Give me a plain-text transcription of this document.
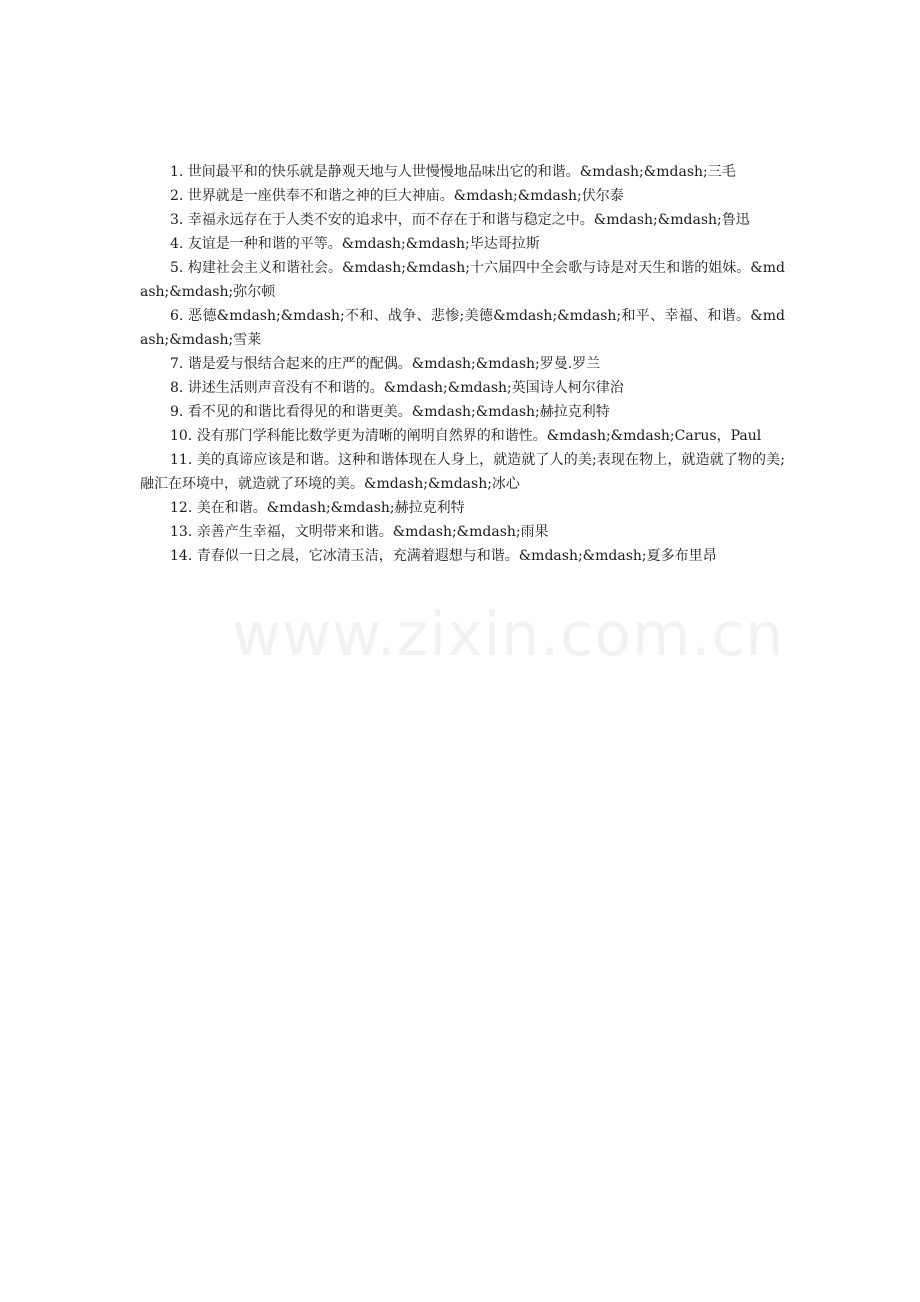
www.zixin.com.cn

1. 世间最平和的快乐就是静观天地与人世慢慢地品味出它的和谐。&mdash;&mdash;三毛

2. 世界就是一座供奉不和谐之神的巨大神庙。&mdash;&mdash;伏尔泰

3. 幸福永远存在于人类不安的追求中，而不存在于和谐与稳定之中。&mdash;&mdash;鲁迅

4. 友谊是一种和谐的平等。&mdash;&mdash;毕达哥拉斯

5. 构建社会主义和谐社会。&mdash;&mdash;十六届四中全会歌与诗是对天生和谐的姐妹。&mdash;&mdash;弥尔顿

6. 恶德&mdash;&mdash;不和、战争、悲惨;美德&mdash;&mdash;和平、幸福、和谐。&mdash;&mdash;雪莱

7. 谐是爱与恨结合起来的庄严的配偶。&mdash;&mdash;罗曼.罗兰

8. 讲述生活则声音没有不和谐的。&mdash;&mdash;英国诗人柯尔律治

9. 看不见的和谐比看得见的和谐更美。&mdash;&mdash;赫拉克利特

10. 没有那门学科能比数学更为清晰的阐明自然界的和谐性。&mdash;&mdash;Carus，Paul

11. 美的真谛应该是和谐。这种和谐体现在人身上，就造就了人的美;表现在物上，就造就了物的美;融汇在环境中，就造就了环境的美。&mdash;&mdash;冰心

12. 美在和谐。&mdash;&mdash;赫拉克利特

13. 亲善产生幸福，文明带来和谐。&mdash;&mdash;雨果

14. 青春似一日之晨，它冰清玉洁，充满着遐想与和谐。&mdash;&mdash;夏多布里昂
